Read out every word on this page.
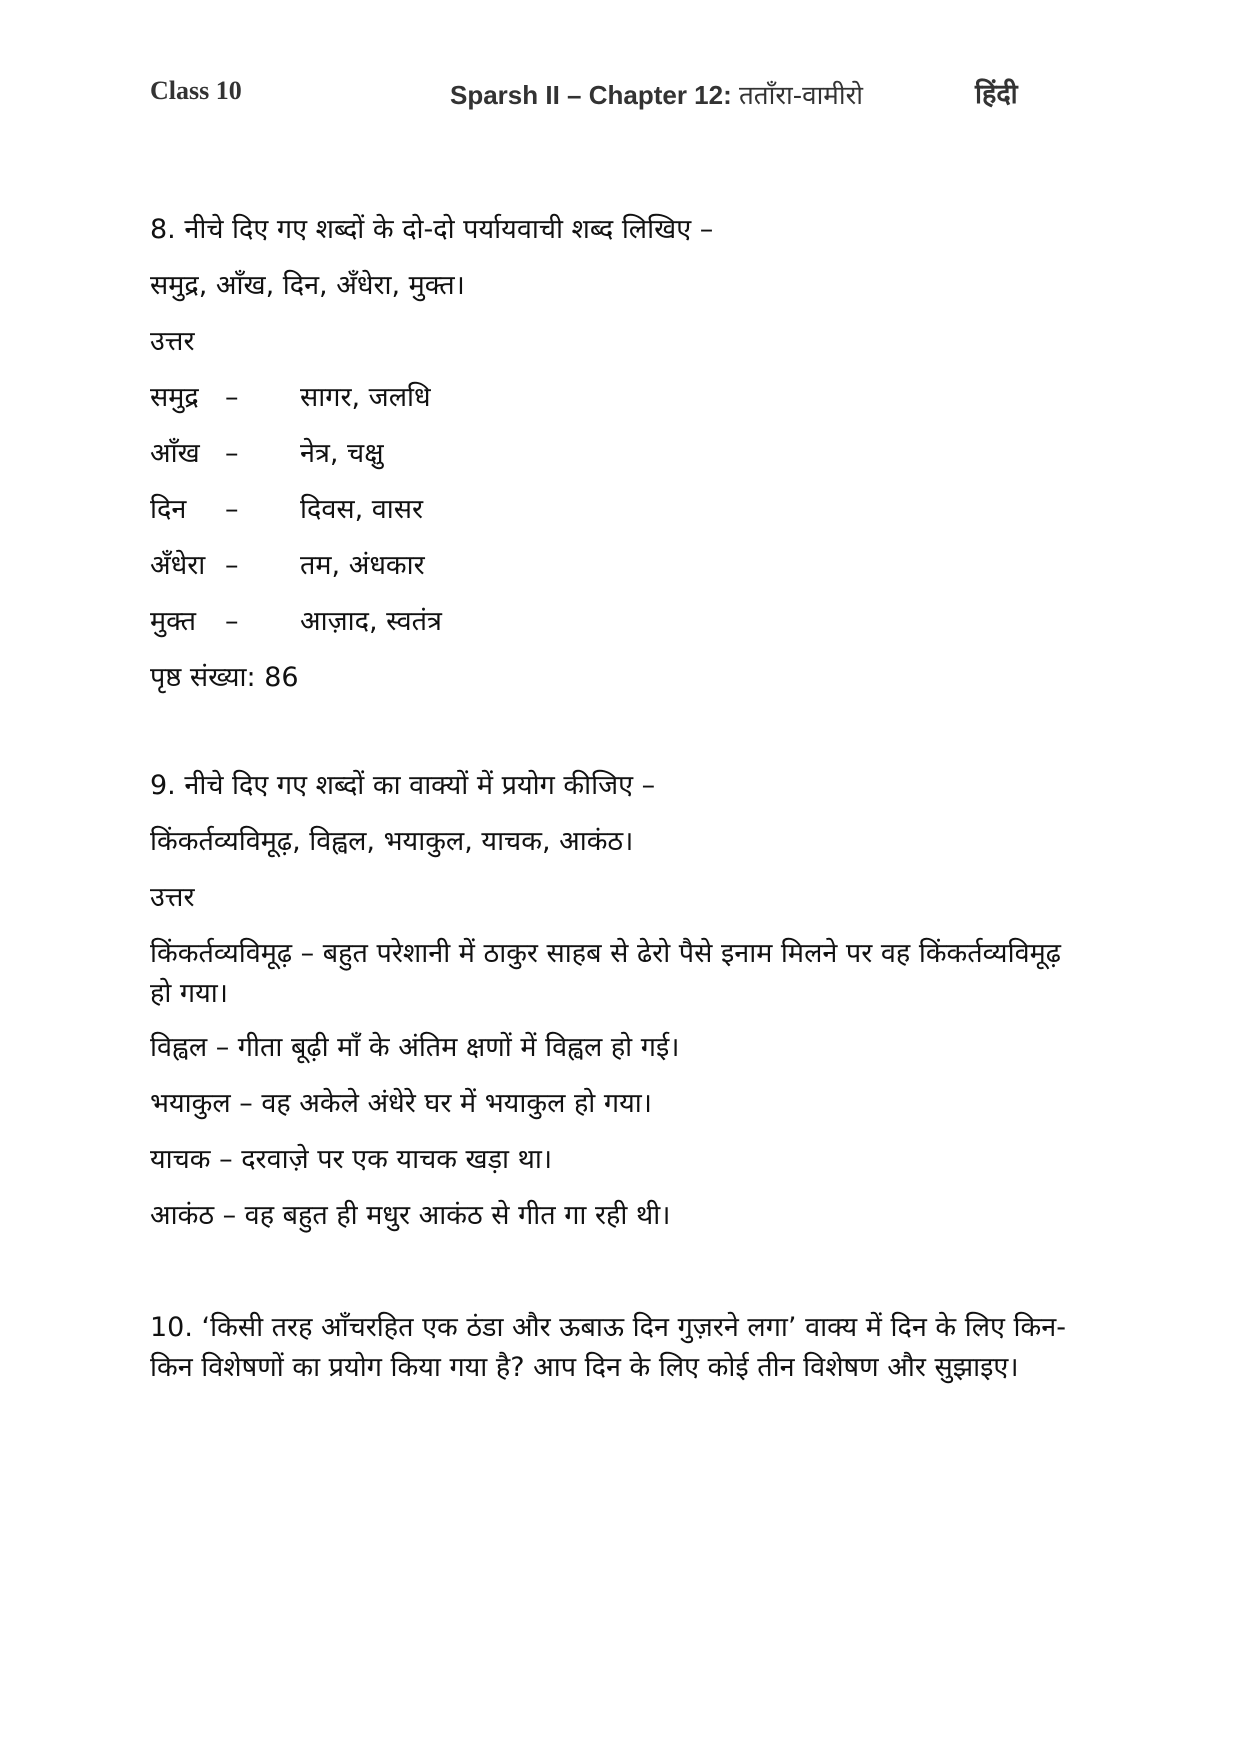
Class 10	Sparsh II – Chapter 12: तताँरा-वामीरो	हिंदी
8. नीचे दिए गए शब्दों के दो-दो पर्यायवाची शब्द लिखिए –
समुद्र, आँख, दिन, अँधेरा, मुक्त।
उत्तर
समुद्र – सागर, जलधि
आँख – नेत्र, चक्षु
दिन – दिवस, वासर
अँधेरा – तम, अंधकार
मुक्त – आज़ाद, स्वतंत्र
पृष्ठ संख्या: 86
9. नीचे दिए गए शब्दों का वाक्यों में प्रयोग कीजिए –
किंकर्तव्यविमूढ़, विह्वल, भयाकुल, याचक, आकंठ।
उत्तर
किंकर्तव्यविमूढ़ – बहुत परेशानी में ठाकुर साहब से ढेरो पैसे इनाम मिलने पर वह किंकर्तव्यविमूढ़ हो गया।
विह्वल – गीता बूढ़ी माँ के अंतिम क्षणों में विह्वल हो गई।
भयाकुल – वह अकेले अंधेरे घर में भयाकुल हो गया।
याचक – दरवाज़े पर एक याचक खड़ा था।
आकंठ – वह बहुत ही मधुर आकंठ से गीत गा रही थी।
10. ‘किसी तरह आँचरहित एक ठंडा और ऊबाऊ दिन गुज़रने लगा’ वाक्य में दिन के लिए किन-किन विशेषणों का प्रयोग किया गया है? आप दिन के लिए कोई तीन विशेषण और सुझाइए।
